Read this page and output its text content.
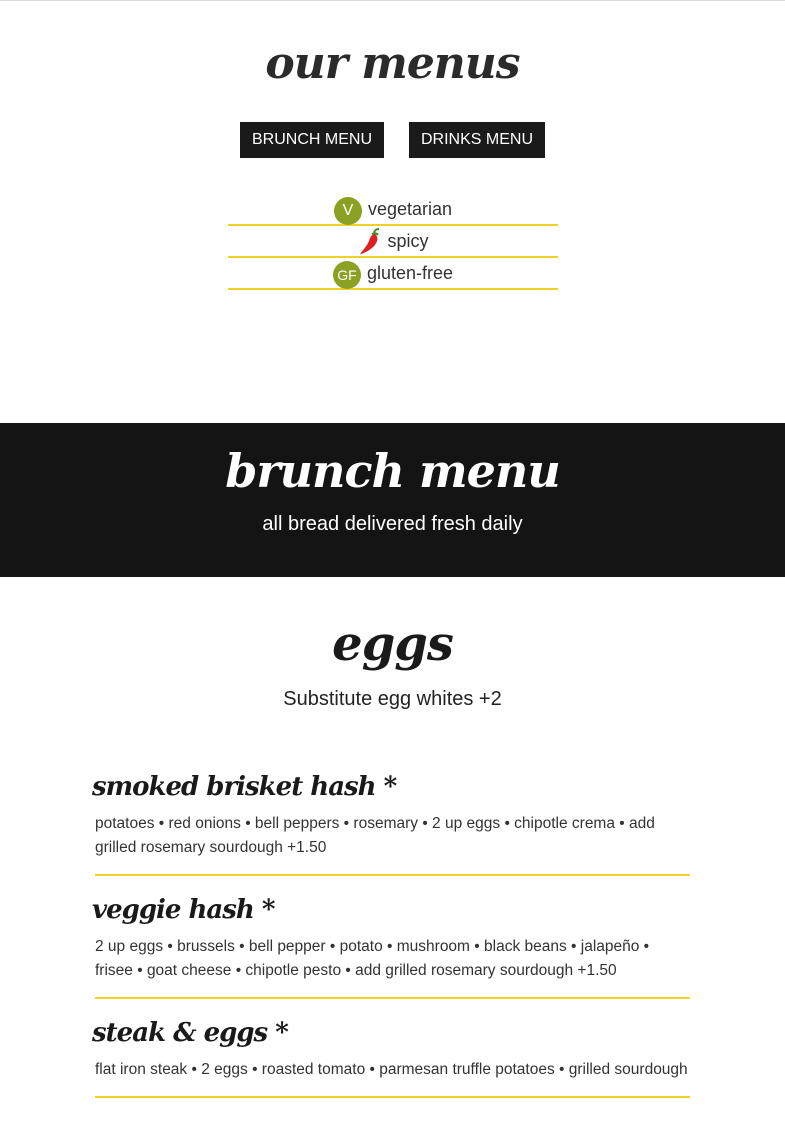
our menus
BRUNCH MENU	DRINKS MENU
V vegetarian
spicy
GF gluten-free
brunch menu
all bread delivered fresh daily
eggs
Substitute egg whites +2
smoked brisket hash *
potatoes • red onions • bell peppers • rosemary • 2 up eggs • chipotle crema • add grilled rosemary sourdough +1.50
veggie hash *
2 up eggs • brussels • bell pepper • potato • mushroom • black beans • jalapeño • frisee • goat cheese • chipotle pesto • add grilled rosemary sourdough +1.50
steak & eggs *
flat iron steak • 2 eggs • roasted tomato • parmesan truffle potatoes • grilled sourdough
